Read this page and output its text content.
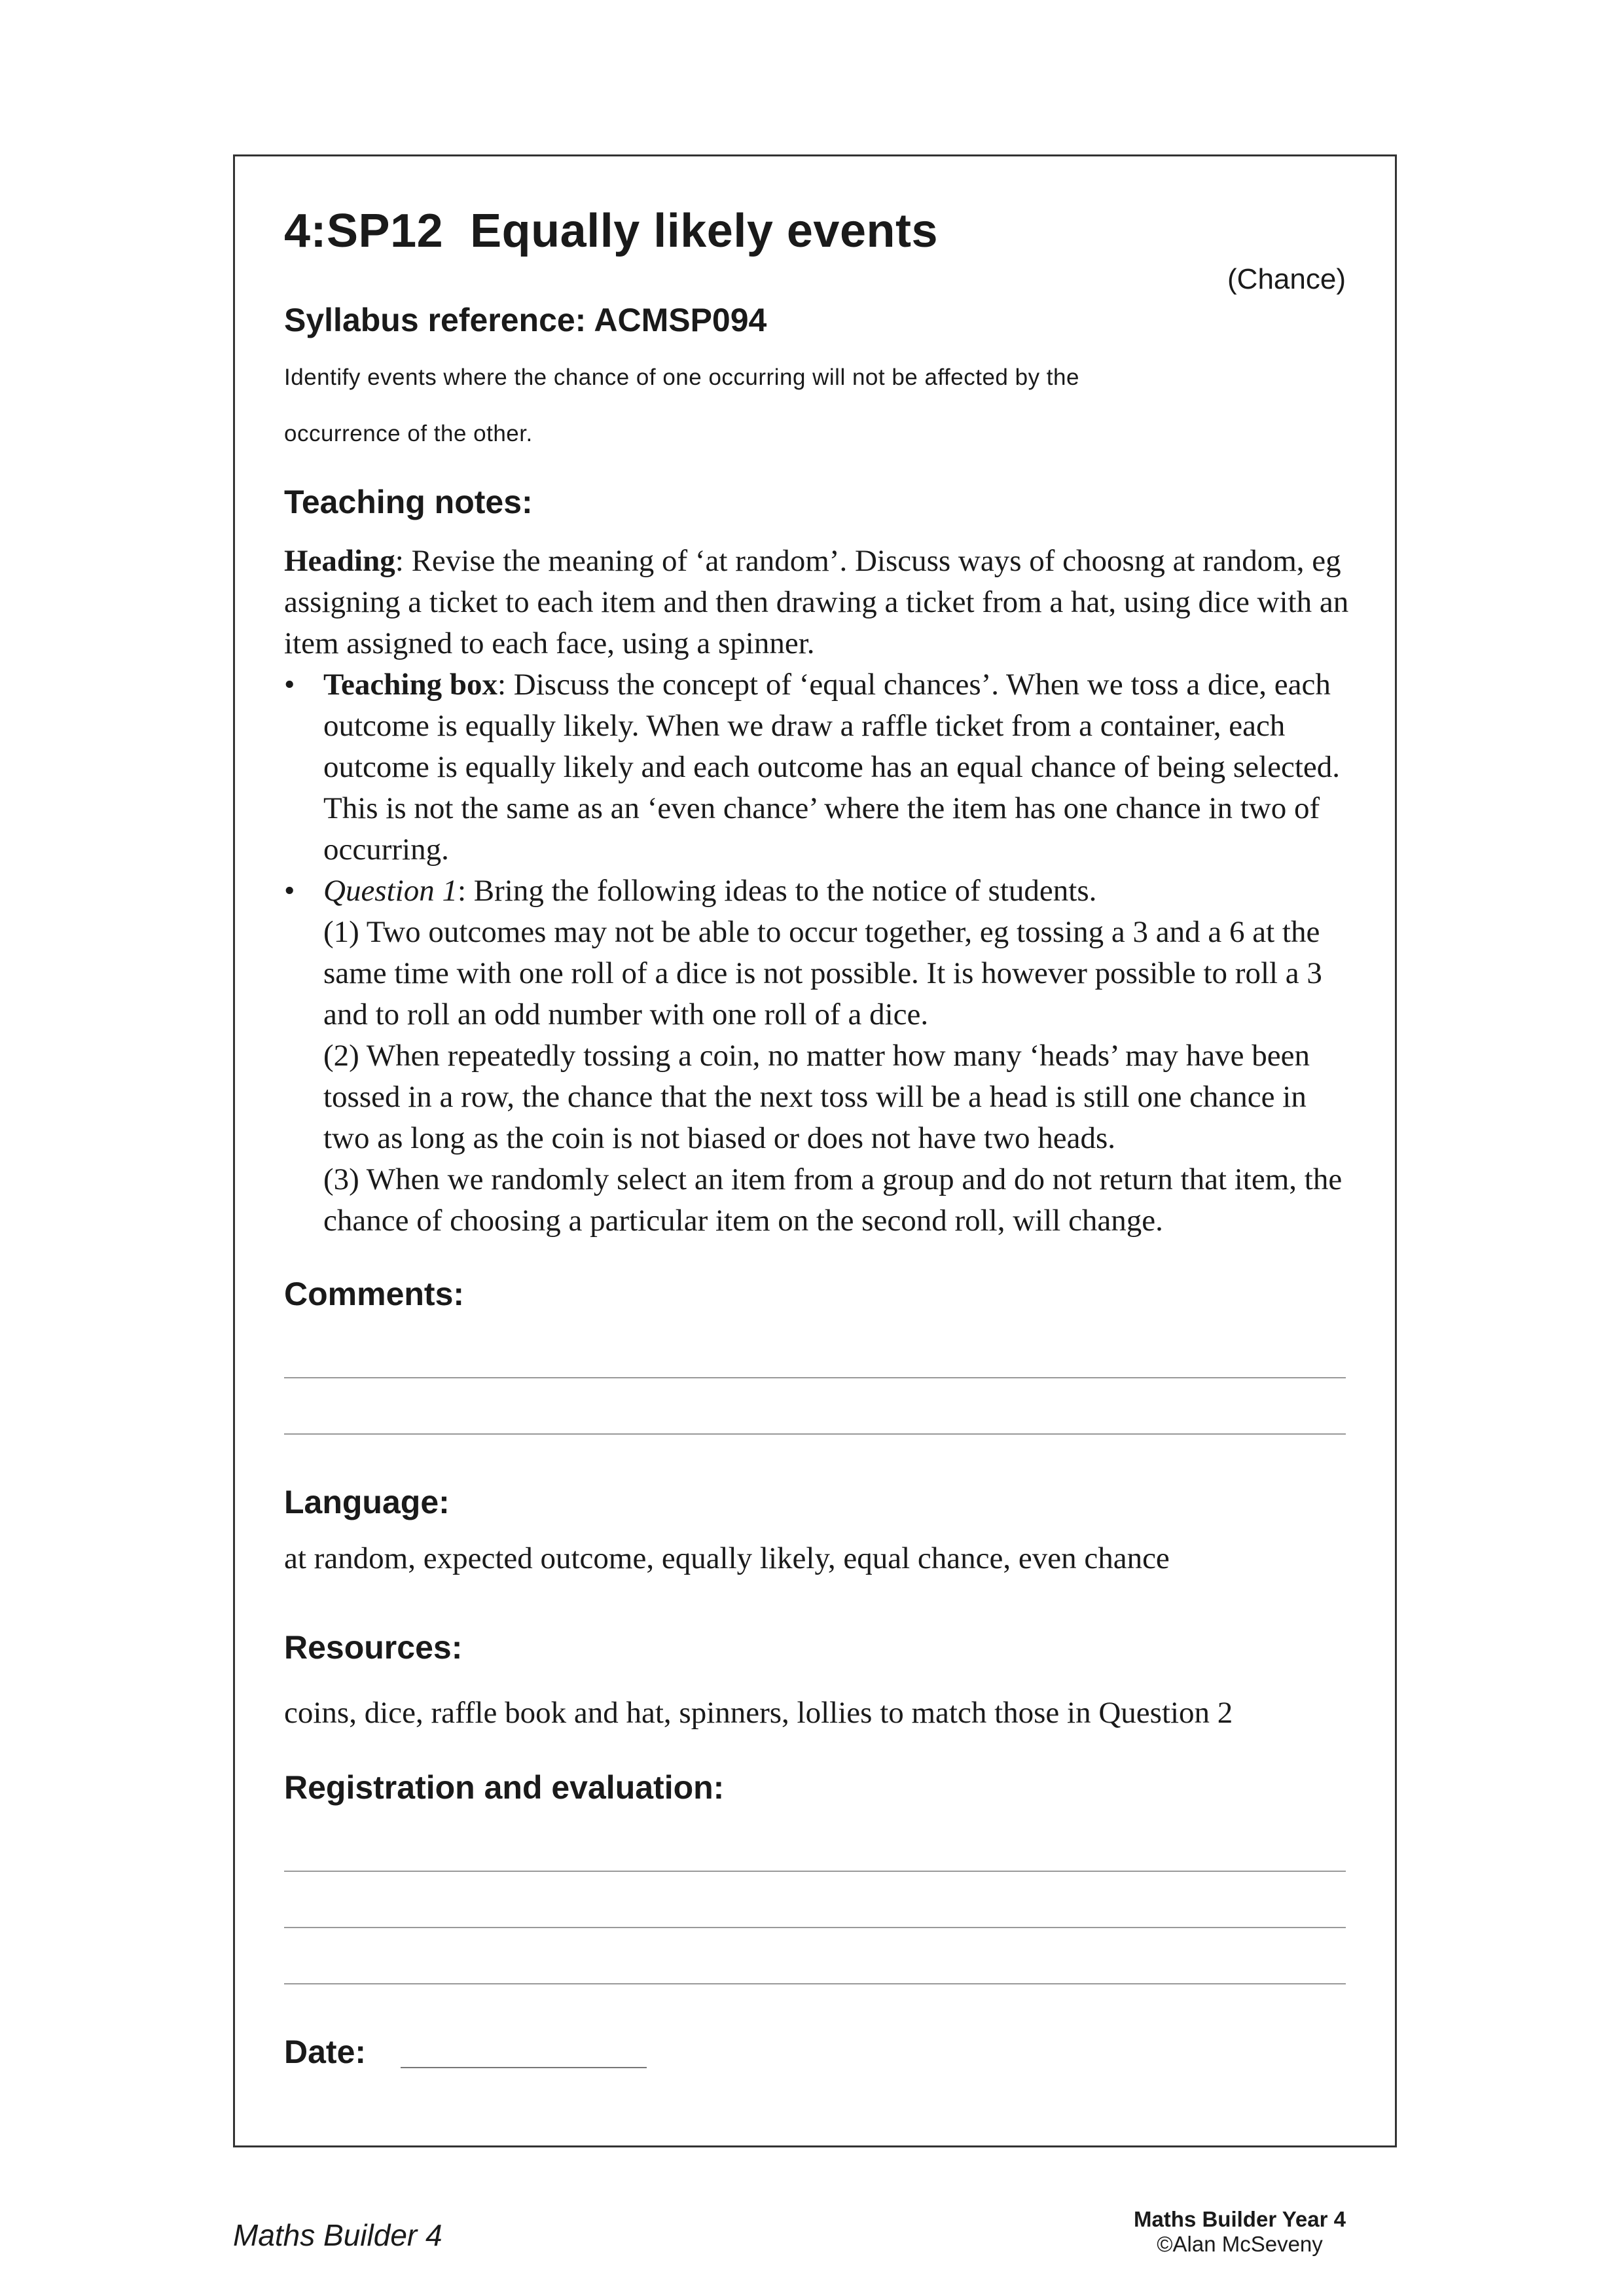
4:SP12  Equally likely events
(Chance)
Syllabus reference: ACMSP094
Identify events where the chance of one occurring will not be affected by the
occurrence of the other.
Teaching notes:

Heading: Revise the meaning of ‘at random’. Discuss ways of choosng at random, eg assigning a ticket to each item and then drawing a ticket from a hat, using dice with an item assigned to each face, using a spinner.

• Teaching box: Discuss the concept of ‘equal chances’. When we toss a dice, each outcome is equally likely. When we draw a raffle ticket from a container, each outcome is equally likely and each outcome has an equal chance of being selected. This is not the same as an ‘even chance’ where the item has one chance in two of occurring.

• Question 1: Bring the following ideas to the notice of students.

(1) Two outcomes may not be able to occur together, eg tossing a 3 and a 6 at the same time with one roll of a dice is not possible. It is however possible to roll a 3 and to roll an odd number with one roll of a dice.

(2) When repeatedly tossing a coin, no matter how many ‘heads’ may have been tossed in a row, the chance that the next toss will be a head is still one chance in two as long as the coin is not biased or does not have two heads.

(3) When we randomly select an item from a group and do not return that item, the chance of choosing a particular item on the second roll, will change.

Comments:
Language:
at random, expected outcome, equally likely, equal chance, even chance
Resources:
coins, dice, raffle book and hat, spinners, lollies to match those in Question 2
Registration and evaluation:
Date:
Maths Builder 4	Maths Builder Year 4
©Alan McSeveny
